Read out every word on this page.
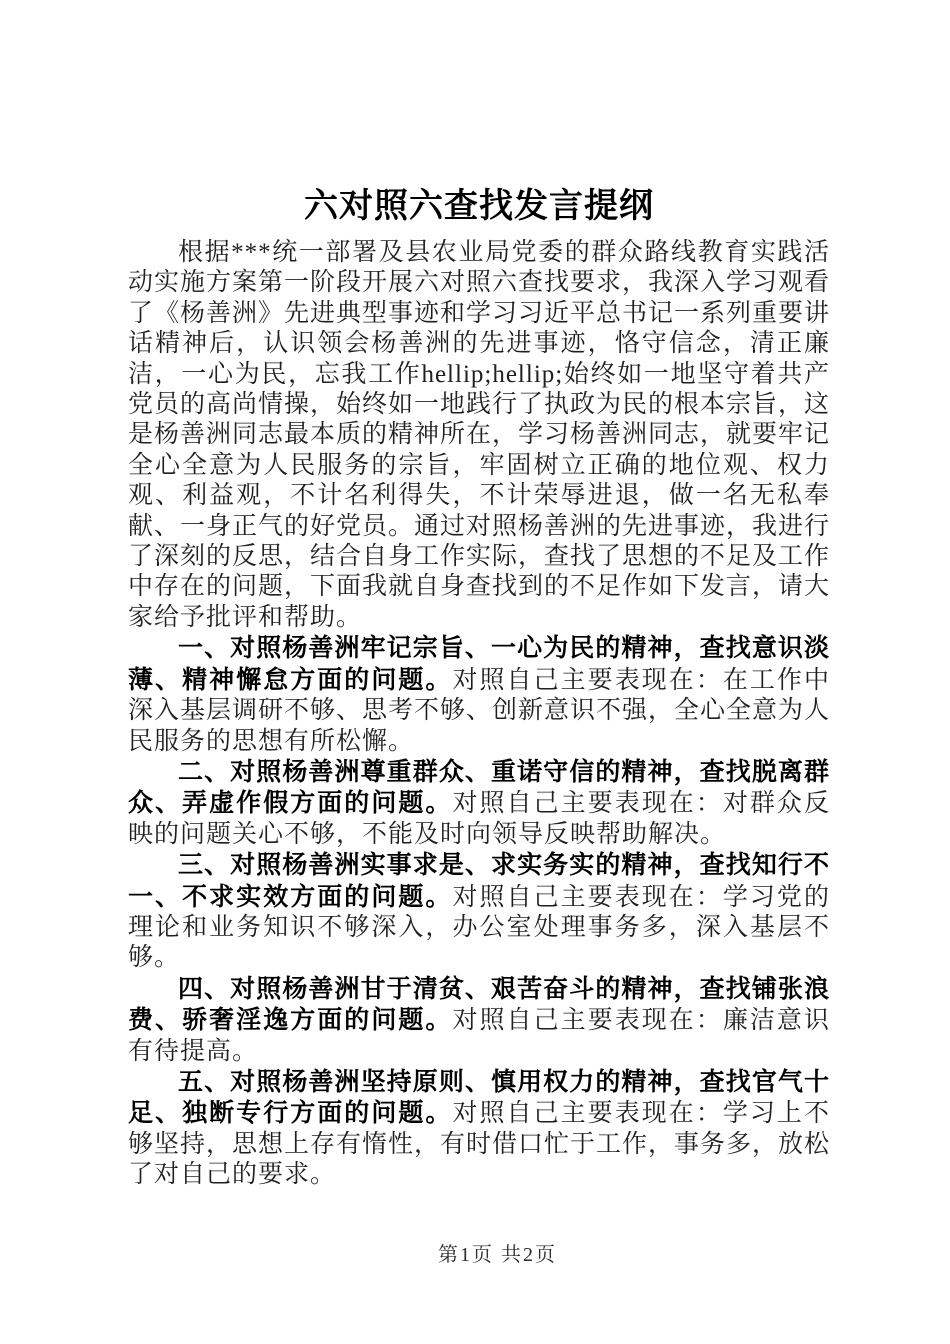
六对照六查找发言提纲

根据***统一部署及县农业局党委的群众路线教育实践活动实施方案第一阶段开展六对照六查找要求，我深入学习观看了《杨善洲》先进典型事迹和学习习近平总书记一系列重要讲话精神后，认识领会杨善洲的先进事迹，恪守信念，清正廉洁，一心为民，忘我工作hellip;hellip;始终如一地坚守着共产党员的高尚情操，始终如一地践行了执政为民的根本宗旨，这是杨善洲同志最本质的精神所在，学习杨善洲同志，就要牢记全心全意为人民服务的宗旨，牢固树立正确的地位观、权力观、利益观，不计名利得失，不计荣辱进退，做一名无私奉献、一身正气的好党员。通过对照杨善洲的先进事迹，我进行了深刻的反思，结合自身工作实际，查找了思想的不足及工作中存在的问题，下面我就自身查找到的不足作如下发言，请大家给予批评和帮助。

一、对照杨善洲牢记宗旨、一心为民的精神，查找意识淡薄、精神懈怠方面的问题。对照自己主要表现在：在工作中深入基层调研不够、思考不够、创新意识不强，全心全意为人民服务的思想有所松懈。

二、对照杨善洲尊重群众、重诺守信的精神，查找脱离群众、弄虚作假方面的问题。对照自己主要表现在：对群众反映的问题关心不够，不能及时向领导反映帮助解决。

三、对照杨善洲实事求是、求实务实的精神，查找知行不一、不求实效方面的问题。对照自己主要表现在：学习党的理论和业务知识不够深入，办公室处理事务多，深入基层不够。

四、对照杨善洲甘于清贫、艰苦奋斗的精神，查找铺张浪费、骄奢淫逸方面的问题。对照自己主要表现在：廉洁意识有待提高。

五、对照杨善洲坚持原则、慎用权力的精神，查找官气十足、独断专行方面的问题。对照自己主要表现在：学习上不够坚持，思想上存有惰性，有时借口忙于工作，事务多，放松了对自己的要求。

第1页 共2页
